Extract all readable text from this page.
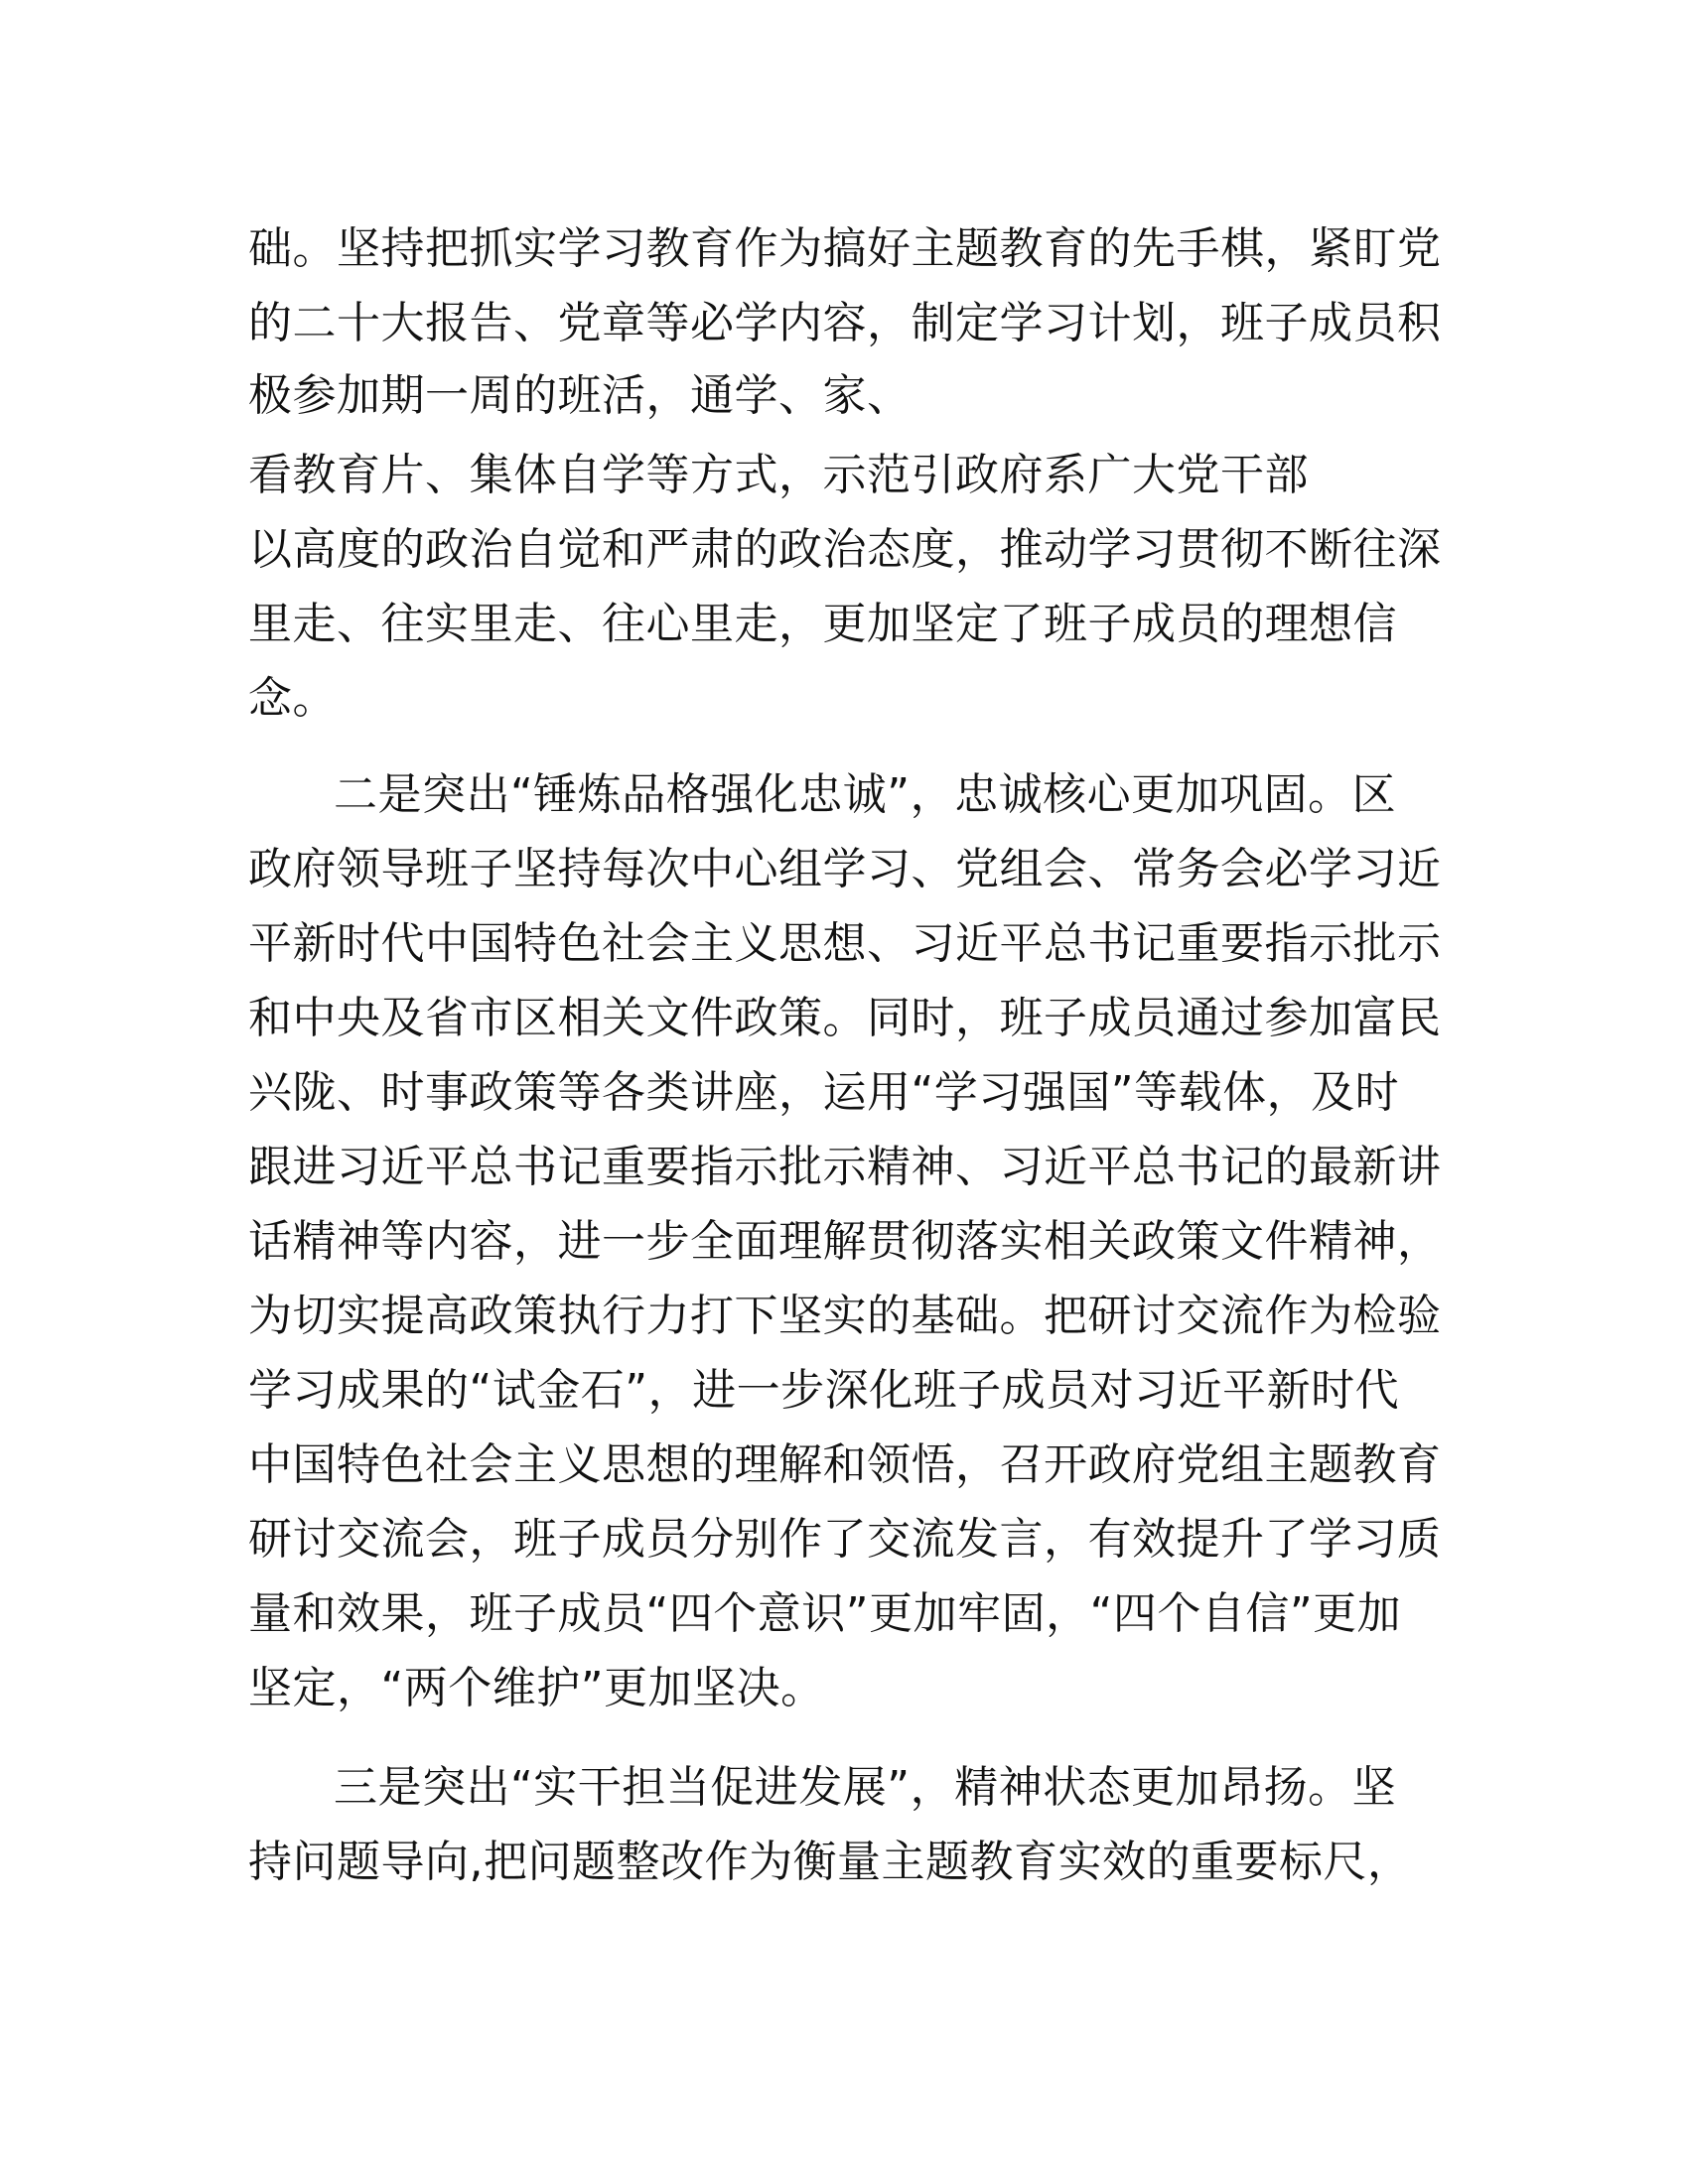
础。坚持把抓实学习教育作为搞好主题教育的先手棋，紧盯党
的二十大报告、党章等必学内容，制定学习计划，班子成员积
极参加期一周的班活，通学、家、
看教育片、集体自学等方式，示范引政府系广大党干部
以高度的政治自觉和严肃的政治态度，推动学习贯彻不断往深
里走、往实里走、往心里走，更加坚定了班子成员的理想信
念。
二是突出“锤炼品格强化忠诚”，忠诚核心更加巩固。区
政府领导班子坚持每次中心组学习、党组会、常务会必学习近
平新时代中国特色社会主义思想、习近平总书记重要指示批示
和中央及省市区相关文件政策。同时，班子成员通过参加富民
兴陇、时事政策等各类讲座，运用“学习强国”等载体，及时
跟进习近平总书记重要指示批示精神、习近平总书记的最新讲
话精神等内容，进一步全面理解贯彻落实相关政策文件精神，
为切实提高政策执行力打下坚实的基础。把研讨交流作为检验
学习成果的“试金石”，进一步深化班子成员对习近平新时代
中国特色社会主义思想的理解和领悟，召开政府党组主题教育
研讨交流会，班子成员分别作了交流发言，有效提升了学习质
量和效果，班子成员“四个意识”更加牢固，“四个自信”更加
坚定，“两个维护”更加坚决。
三是突出“实干担当促进发展”，精神状态更加昂扬。坚
持问题导向,把问题整改作为衡量主题教育实效的重要标尺，
